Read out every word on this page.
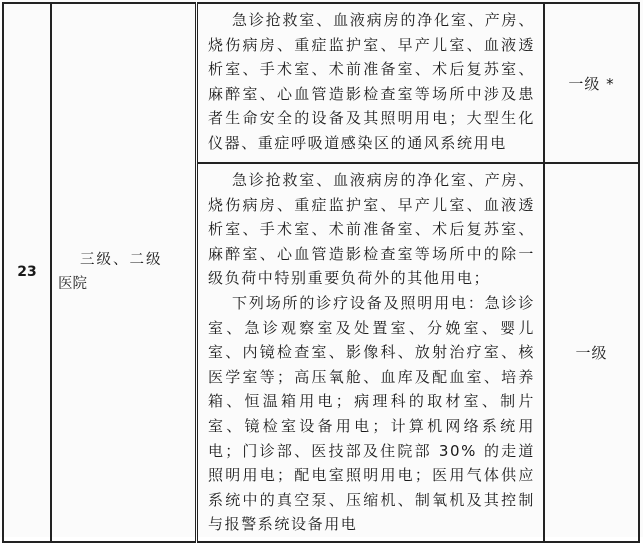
23	三级、二级
医院	急诊抢救室、血液病房的净化室、产房、烧伤病房、重症监护室、早产儿室、血液透析室、手术室、术前准备室、术后复苏室、麻醉室、心血管造影检查室等场所中涉及患者生命安全的设备及其照明用电；大型生化仪器、重症呼吸道感染区的通风系统用电	一级 *

		急诊抢救室、血液病房的净化室、产房、烧伤病房、重症监护室、早产儿室、血液透析室、手术室、术前准备室、术后复苏室、麻醉室、心血管造影检查室等场所中的除一级负荷中特别重要负荷外的其他用电；

下列场所的诊疗设备及照明用电：急诊诊室、急诊观察室及处置室、分娩室、婴儿室、内镜检查室、影像科、放射治疗室、核医学室等；高压氧舱、血库及配血室、培养箱、恒温箱用电；病理科的取材室、制片室、镜检室设备用电；计算机网络系统用电；门诊部、医技部及住院部 30% 的走道照明用电；配电室照明用电；医用气体供应系统中的真空泵、压缩机、制氧机及其控制与报警系统设备用电	一级
